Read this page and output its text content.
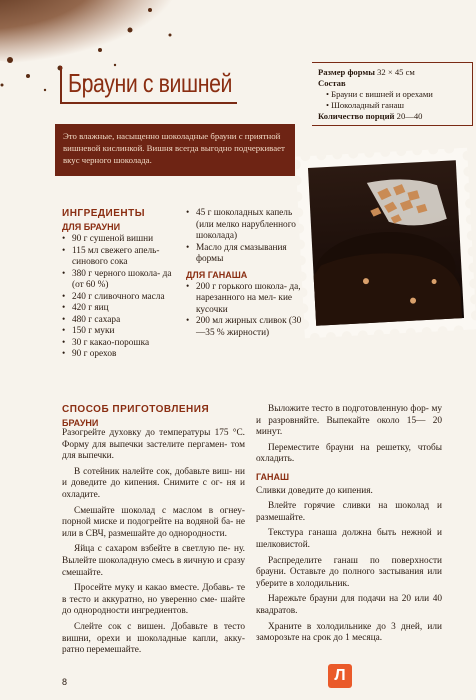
Брауни с вишней	Размер формы 32 × 45 см
Состав
• Брауни с вишней и орехами
• Шоколадный ганаш
Количество порций 20—40

Это влажные, насыщенно шоколадные брауни с приятной вишневой кислинкой. Вишня всегда выгодно подчеркивает вкус черного шоколада.

ИНГРЕДИЕНТЫ
ДЛЯ БРАУНИ
• 90 г сушеной вишни
• 115 мл свежего апель- синового сока
• 380 г черного шокола- да (от 60 %)
• 240 г сливочного масла
• 420 г яиц
• 480 г сахара
• 150 г муки
• 30 г какао-порошка
• 90 г орехов
• 45 г шоколадных капель (или мелко нарубленного шоколада)
• Масло для смазывания формы
ДЛЯ ГАНАША
• 200 г горького шокола- да, нарезанного на мел- кие кусочки
• 200 мл жирных сливок (30—35 % жирности)
СПОСОБ ПРИГОТОВЛЕНИЯ
БРАУНИ

Разогрейте духовку до температуры 175 °С. Форму для выпечки застелите пергамен- том для выпечки.

В сотейник налейте сок, добавьте виш- ни и доведите до кипения. Снимите с ог- ня и охладите.

Смешайте шоколад с маслом в огнеу- порной миске и подогрейте на водяной ба- не или в СВЧ, размешайте до однородности.

Яйца с сахаром взбейте в светлую пе- ну. Вылейте шоколадную смесь в яичную и сразу смешайте.

Просейте муку и какао вместе. Добавь- те в тесто и аккуратно, но уверенно сме- шайте до однородности ингредиентов.

Слейте сок с вишен. Добавьте в тесто вишни, орехи и шоколадные капли, акку- ратно перемешайте.

Выложите тесто в подготовленную фор- му и разровняйте. Выпекайте около 15— 20 минут.

Переместите брауни на решетку, чтобы охладить.

ГАНАШ

Сливки доведите до кипения.

Влейте горячие сливки на шоколад и размешайте.

Текстура ганаша должна быть нежной и шелковистой.

Распределите ганаш по поверхности брауни. Оставьте до полного застывания или уберите в холодильник.

Нарежьте брауни для подачи на 20 или 40 квадратов.

Храните в холодильнике до 3 дней, или заморозьте на срок до 1 месяца.

8	Л
